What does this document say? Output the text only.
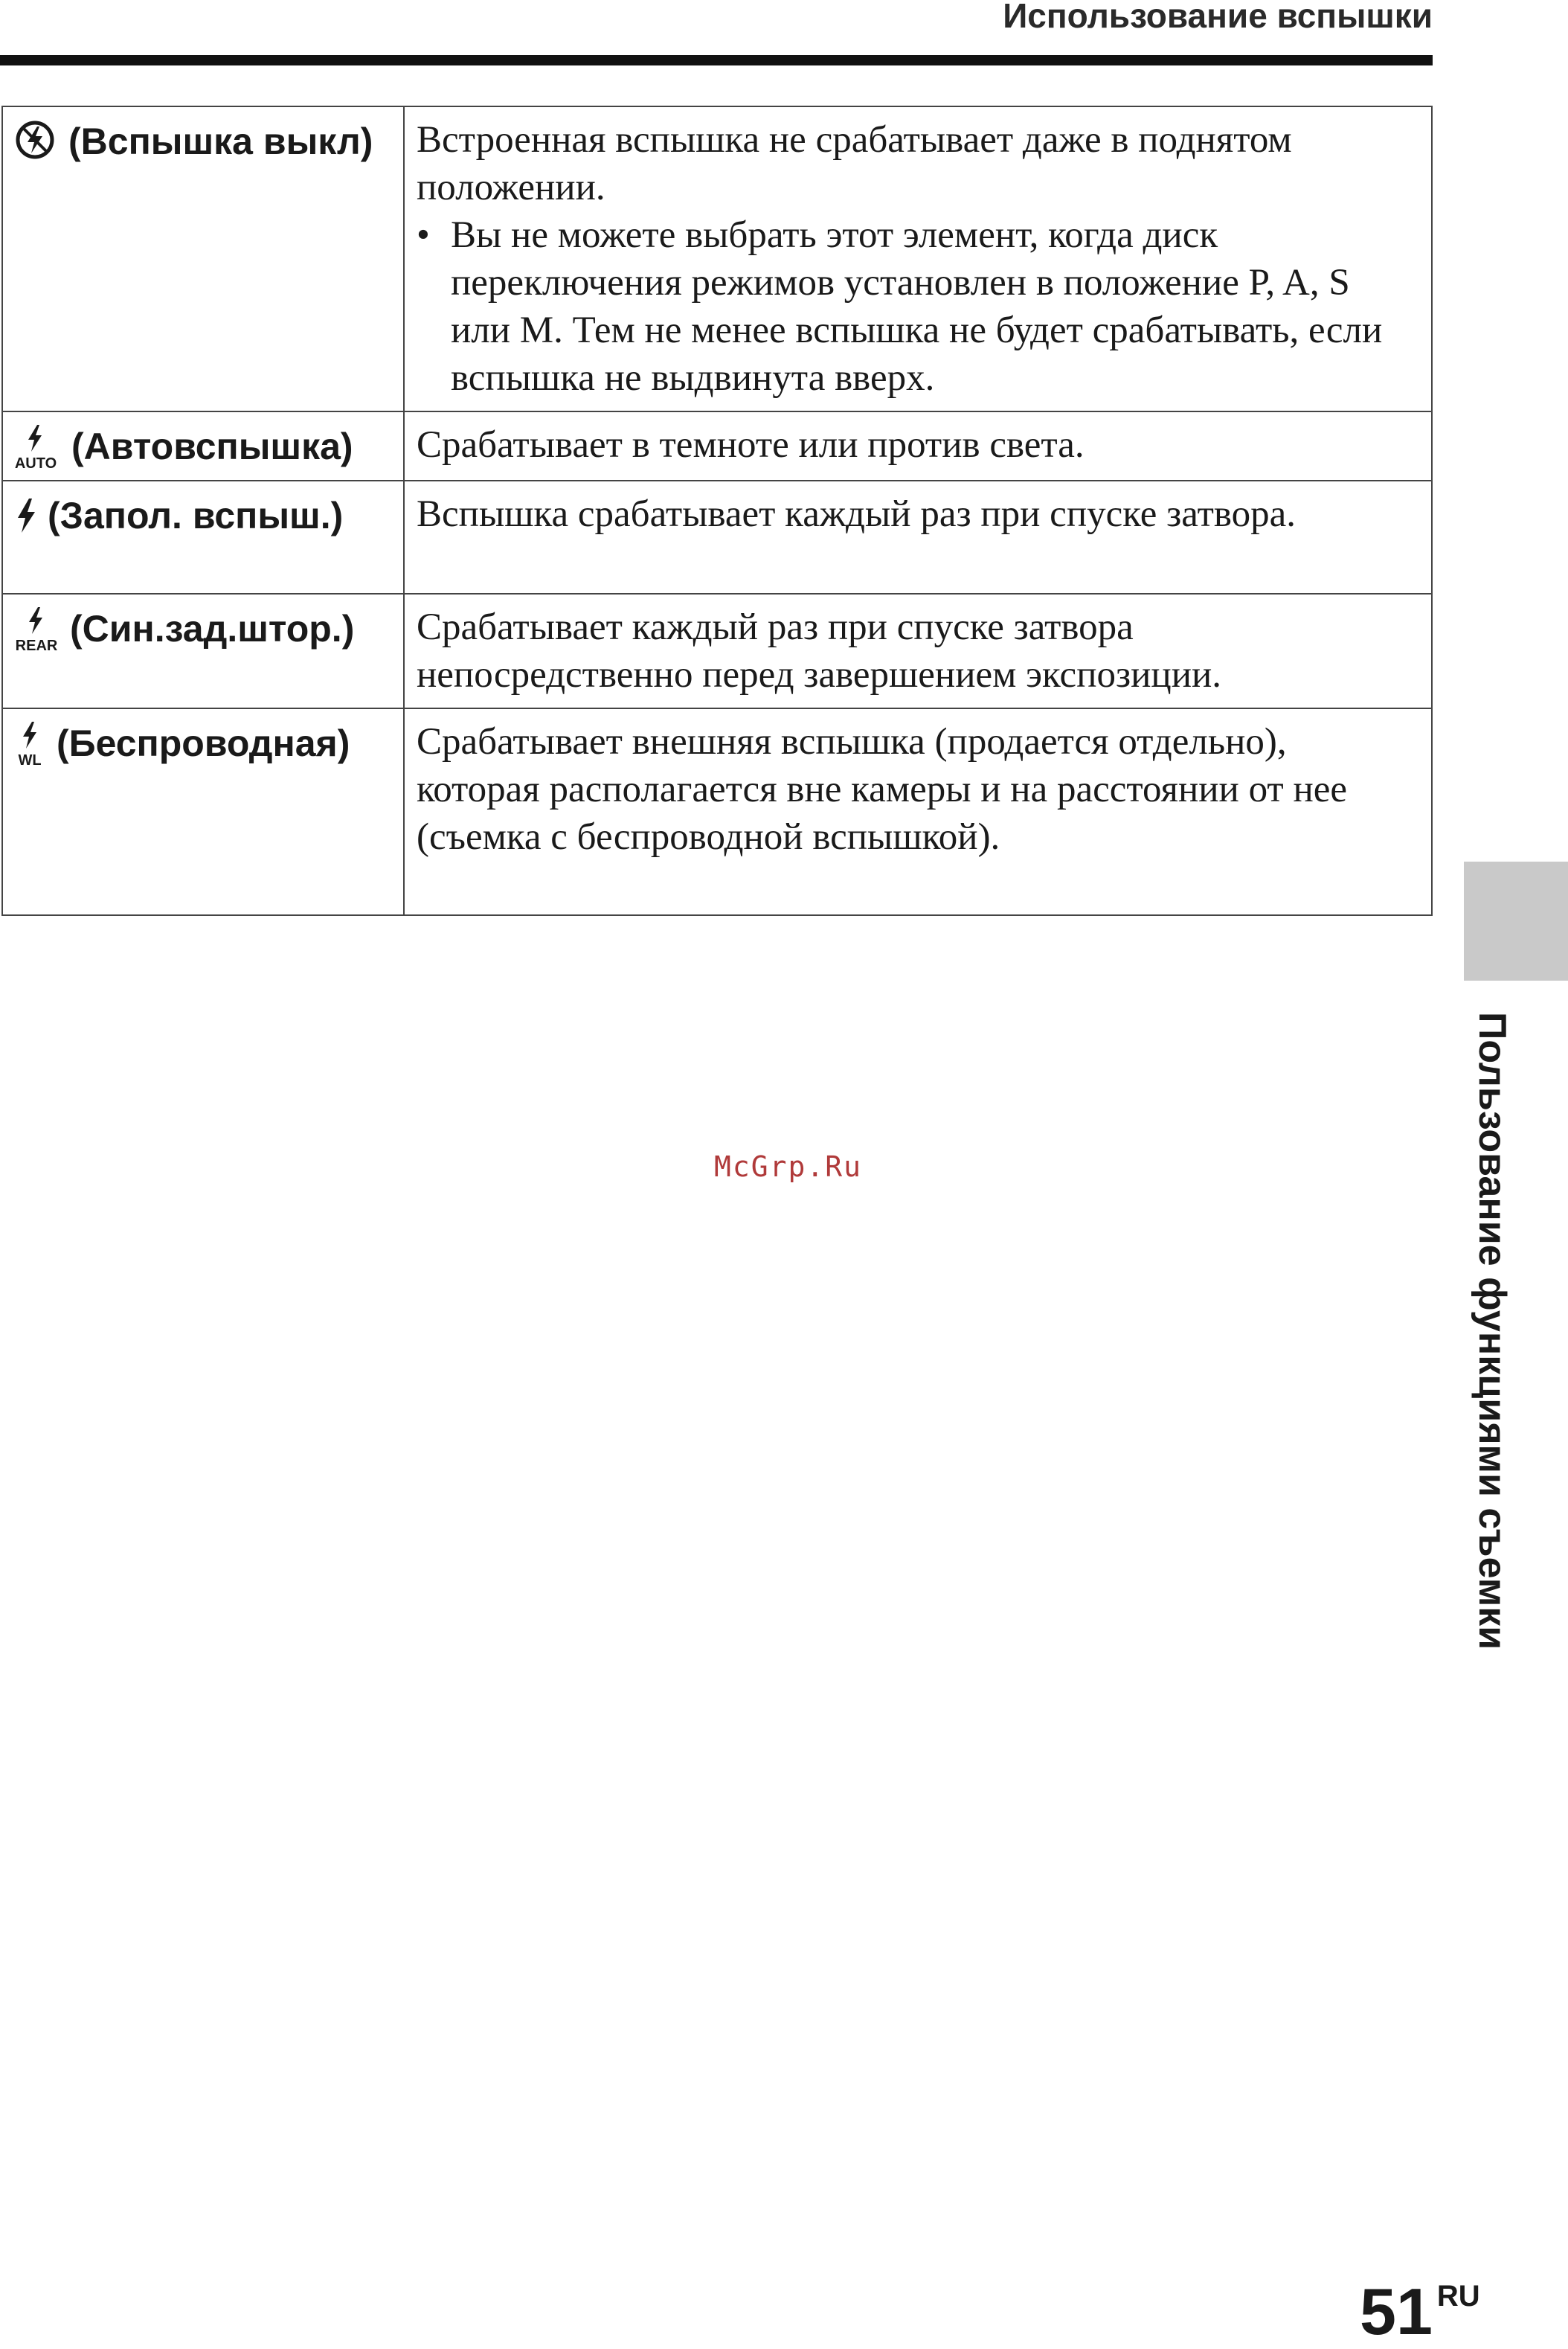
Использование вспышки
(Вспышка выкл)	Встроенная вспышка не срабатывает даже в поднятом положении.
• Вы не можете выбрать этот элемент, когда диск переключения режимов установлен в положение P, A, S или M. Тем не менее вспышка не будет срабатывать, если вспышка не выдвинута вверх.

AUTO (Автовспышка)	Срабатывает в темноте или против света.

(Запол. вспыш.)	Вспышка срабатывает каждый раз при спуске затвора.

REAR (Син.зад.штор.)	Срабатывает каждый раз при спуске затвора непосредственно перед завершением экспозиции.

WL (Беспроводная)	Срабатывает внешняя вспышка (продается отдельно), которая располагается вне камеры и на расстоянии от нее (съемка с беспроводной вспышкой).
Пользование функциями съемки
McGrp.Ru
51 $^{RU}$
